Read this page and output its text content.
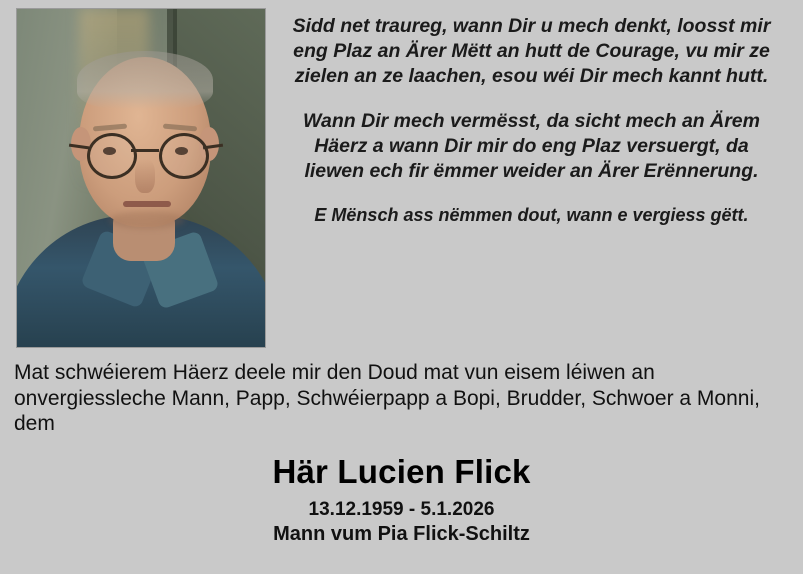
Sidd net traureg, wann Dir u mech denkt, loosst mir eng Plaz an Ärer Mëtt an hutt de Courage, vu mir ze zielen an ze laachen, esou wéi Dir mech kannt hutt.

Wann Dir mech vermësst, da sicht mech an Ärem Häerz a wann Dir mir do eng Plaz versuergt, da liewen ech fir ëmmer weider an Ärer Erënnerung.

E Mënsch ass nëmmen dout, wann e vergiess gëtt.

Mat schwéierem Häerz deele mir den Doud mat vun eisem léiwen an onvergiessleche Mann, Papp, Schwéierpapp a Bopi, Brudder, Schwoer a Monni, dem
Här Lucien Flick
13.12.1959 - 5.1.2026
Mann vum Pia Flick-Schiltz
